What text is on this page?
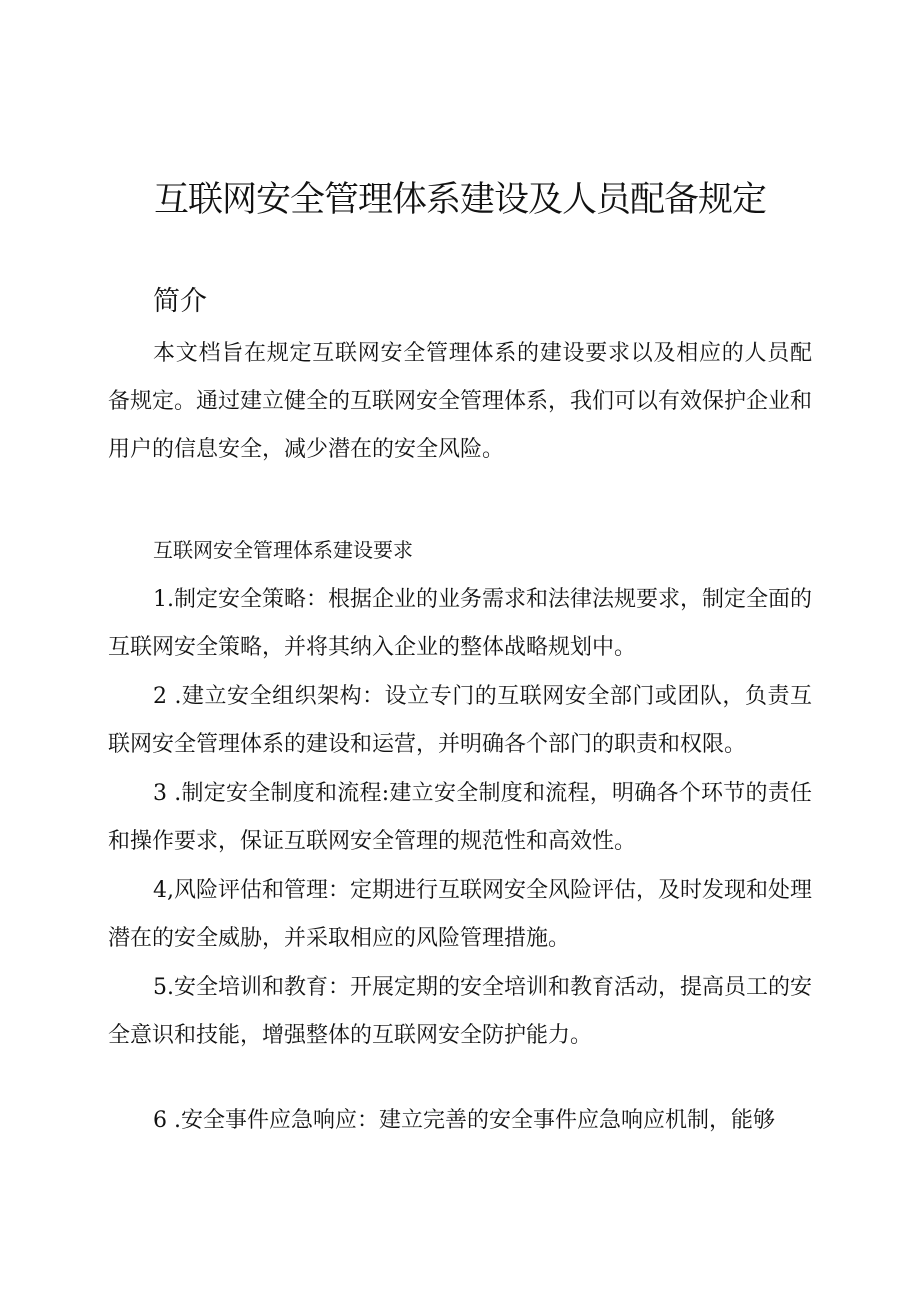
互联网安全管理体系建设及人员配备规定
简介

本文档旨在规定互联网安全管理体系的建设要求以及相应的人员配备规定。通过建立健全的互联网安全管理体系，我们可以有效保护企业和用户的信息安全，减少潜在的安全风险。

互联网安全管理体系建设要求

1.制定安全策略：根据企业的业务需求和法律法规要求，制定全面的互联网安全策略，并将其纳入企业的整体战略规划中。

2 .建立安全组织架构：设立专门的互联网安全部门或团队，负责互联网安全管理体系的建设和运营，并明确各个部门的职责和权限。

3 .制定安全制度和流程:建立安全制度和流程，明确各个环节的责任和操作要求，保证互联网安全管理的规范性和高效性。

4,风险评估和管理：定期进行互联网安全风险评估，及时发现和处理潜在的安全威胁，并采取相应的风险管理措施。

5.安全培训和教育：开展定期的安全培训和教育活动，提高员工的安全意识和技能，增强整体的互联网安全防护能力。

6 .安全事件应急响应：建立完善的安全事件应急响应机制，能够
